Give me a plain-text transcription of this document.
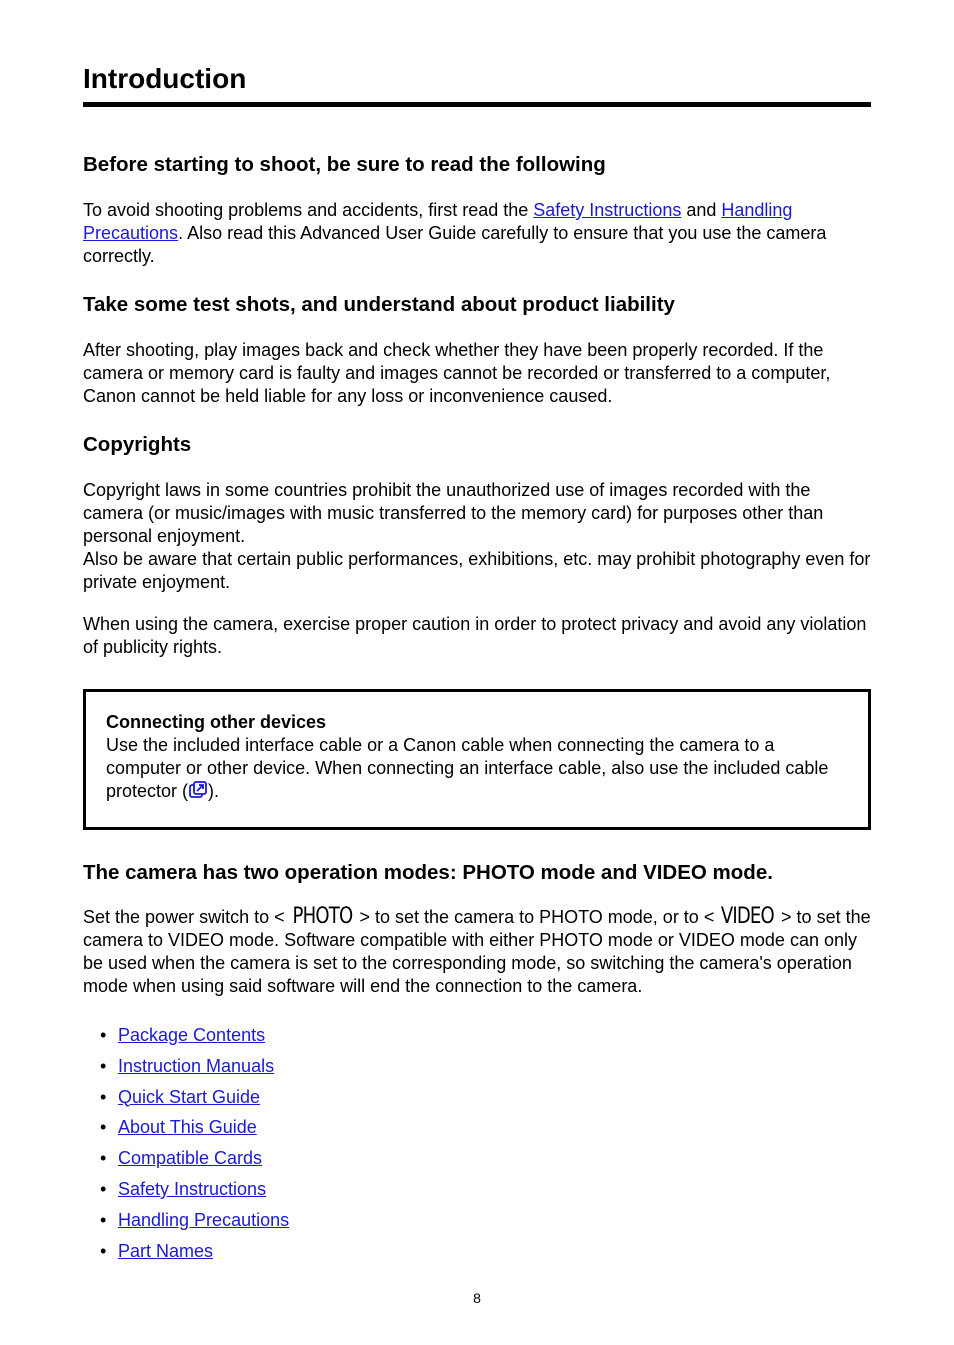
Introduction
Before starting to shoot, be sure to read the following

To avoid shooting problems and accidents, first read the Safety Instructions and Handling Precautions. Also read this Advanced User Guide carefully to ensure that you use the camera correctly.

Take some test shots, and understand about product liability

After shooting, play images back and check whether they have been properly recorded. If the camera or memory card is faulty and images cannot be recorded or transferred to a computer, Canon cannot be held liable for any loss or inconvenience caused.

Copyrights

Copyright laws in some countries prohibit the unauthorized use of images recorded with the camera (or music/images with music transferred to the memory card) for purposes other than personal enjoyment.

Also be aware that certain public performances, exhibitions, etc. may prohibit photography even for private enjoyment.

When using the camera, exercise proper caution in order to protect privacy and avoid any violation of publicity rights.

Connecting other devices

Use the included interface cable or a Canon cable when connecting the camera to a computer or other device. When connecting an interface cable, also use the included cable protector ( ).

The camera has two operation modes: PHOTO mode and VIDEO mode.

Set the power switch to < PHOTO > to set the camera to PHOTO mode, or to < VIDEO > to set the camera to VIDEO mode. Software compatible with either PHOTO mode or VIDEO mode can only be used when the camera is set to the corresponding mode, so switching the camera's operation mode when using said software will end the connection to the camera.

• Package Contents
• Instruction Manuals
• Quick Start Guide
• About This Guide
• Compatible Cards
• Safety Instructions
• Handling Precautions
• Part Names
8
